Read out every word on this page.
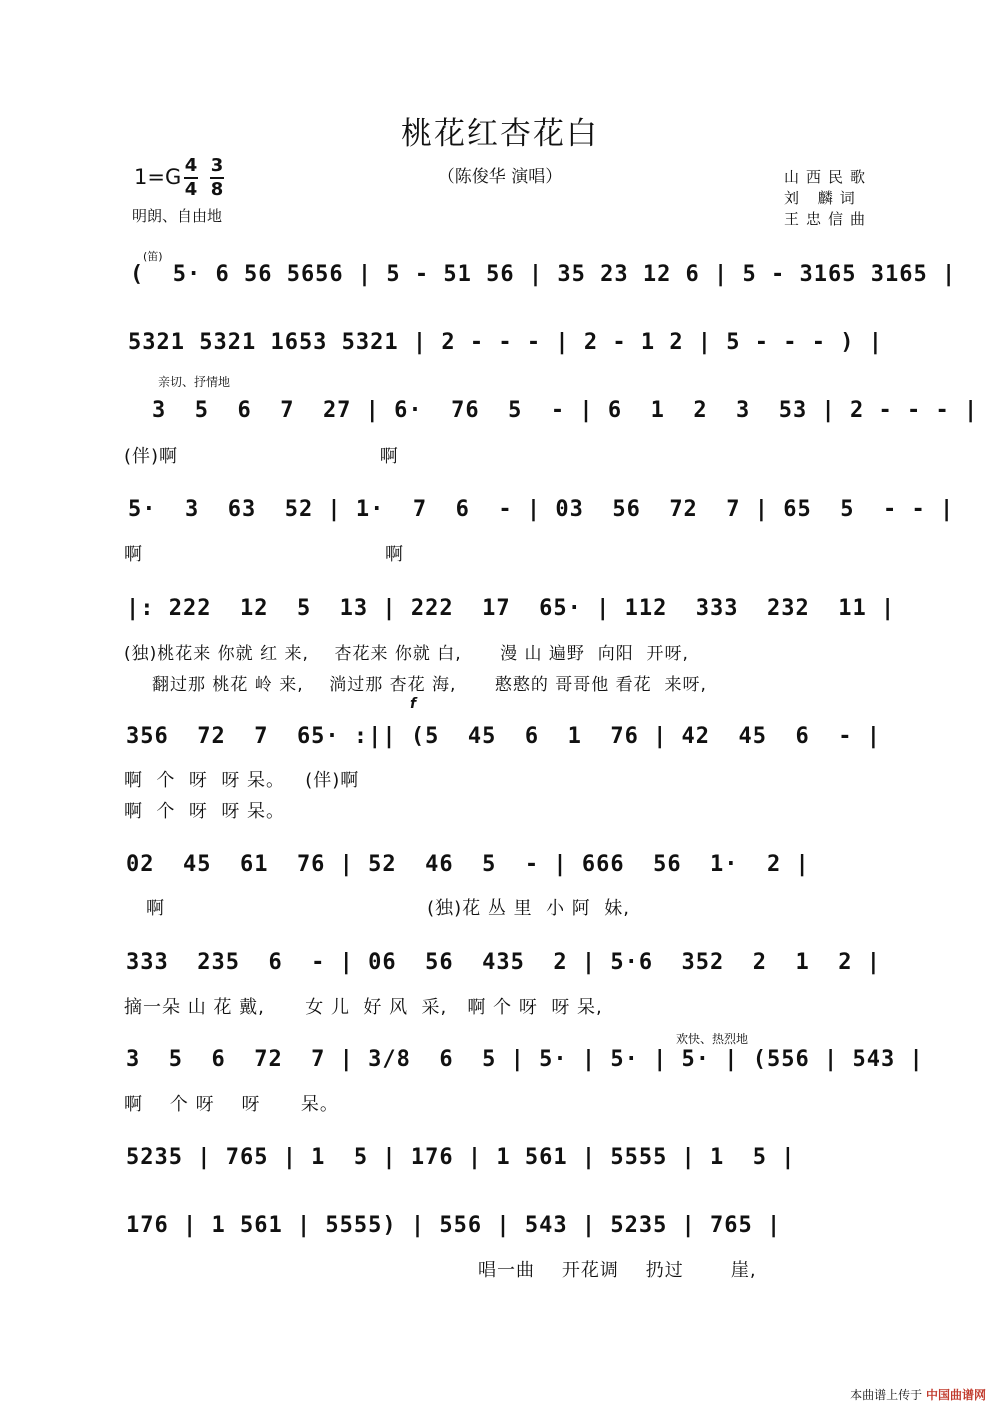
桃花红杏花白
（陈俊华 演唱）
1=G 4
4
3
8
明朗、自由地
山西民歌
刘 麟词
王忠信曲
(笛)
(  5· 6 56 5656 | 5 - 51 56 | 35 23 12 6 | 5 - 3165 3165 |
5321 5321 1653 5321 | 2 - - - | 2 - 1 2 | 5 - - - ) |
亲切、抒情地
3  5  6  7  27 | 6·  76  5  - | 6  1  2  3  53 | 2 - - - |
(伴)啊                              啊
5·  3  63  52 | 1·  7  6  - | 03  56  72  7 | 65  5  - - |
啊                                    啊
|: 222  12  5  13 | 222  17  65· | 112  333  232  11 |
(独)桃花来 你就 红 来,    杏花来 你就 白,      漫 山 遍野  向阳  开呀,
翻过那 桃花 岭 来,    淌过那 杏花 海,      憨憨的 哥哥他 看花  来呀,
f
356  72  7  65· :|| (5  45  6  1  76 | 42  45  6  - |
啊  个  呀  呀 呆。   (伴)啊
啊  个  呀  呀 呆。
02  45  61  76 | 52  46  5  - | 666  56  1·  2 |
啊                                       (独)花 丛 里  小 阿  妹,
333  235  6  - | 06  56  435  2 | 5·6  352  2  1  2 |
摘一朵 山 花 戴,      女 儿  好 风  采,   啊 个 呀  呀 呆,
欢快、热烈地
3  5  6  72  7 | 3/8  6  5 | 5· | 5· | 5· | (556 | 543 |
啊    个 呀    呀      呆。
5235 | 765 | 1  5 | 176 | 1 561 | 5555 | 1  5 |
176 | 1 561 | 5555) | 556 | 543 | 5235 | 765 |
唱一曲    开花调    扔过       崖,
本曲谱上传于 中国曲谱网
